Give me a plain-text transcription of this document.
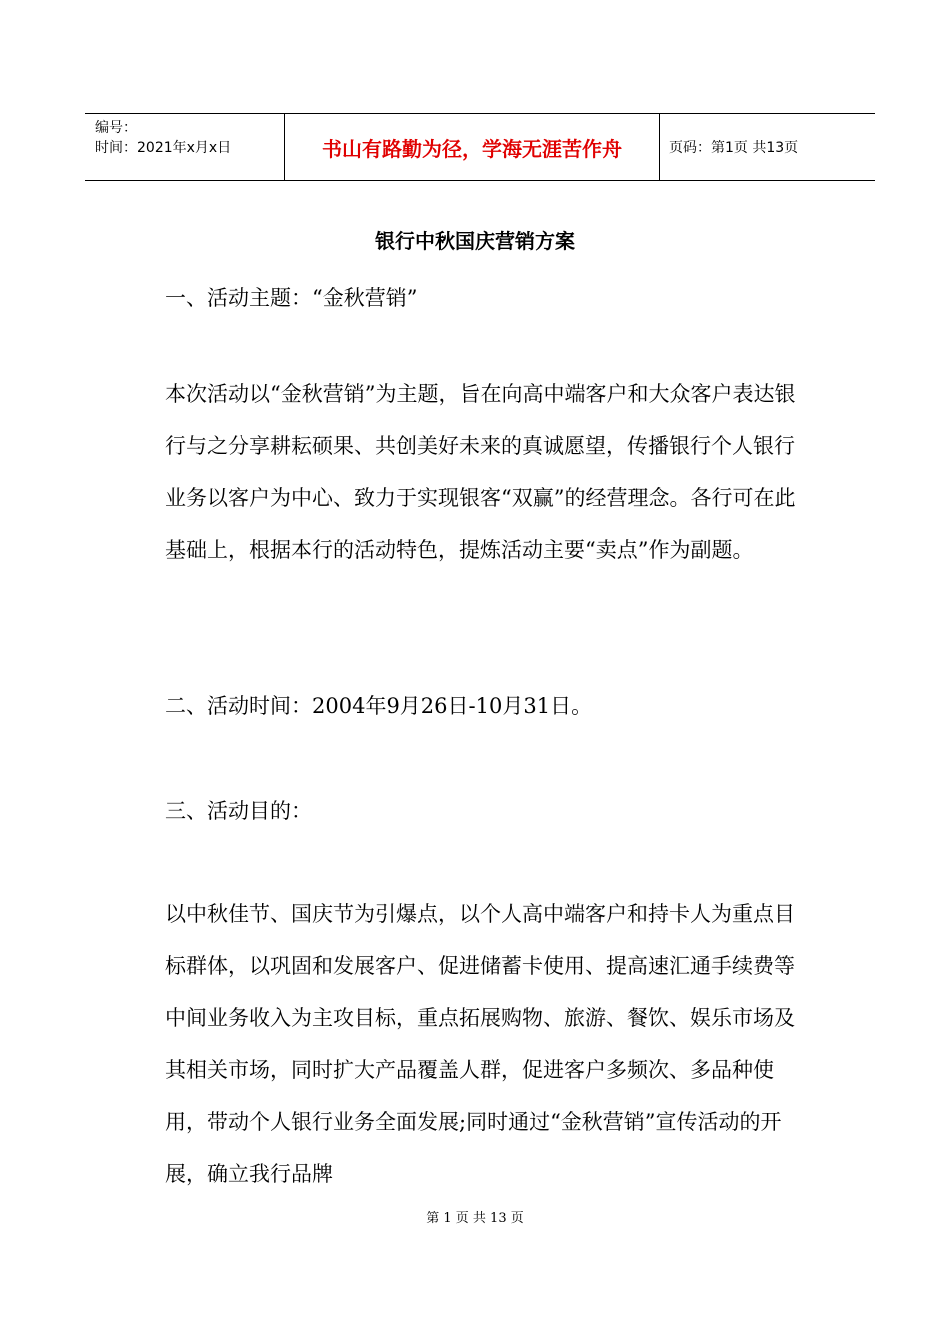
编号：
时间：2021年x月x日	书山有路勤为径，学海无涯苦作舟	页码：第1页 共13页
银行中秋国庆营销方案

一、活动主题：“金秋营销”

本次活动以“金秋营销”为主题，旨在向高中端客户和大众客户表达银行与之分享耕耘硕果、共创美好未来的真诚愿望，传播银行个人银行业务以客户为中心、致力于实现银客“双赢”的经营理念。各行可在此基础上，根据本行的活动特色，提炼活动主要“卖点”作为副题。

二、活动时间：2004年9月26日-10月31日。

三、活动目的：

以中秋佳节、国庆节为引爆点，以个人高中端客户和持卡人为重点目标群体，以巩固和发展客户、促进储蓄卡使用、提高速汇通手续费等中间业务收入为主攻目标，重点拓展购物、旅游、餐饮、娱乐市场及其相关市场，同时扩大产品覆盖人群，促进客户多频次、多品种使用，带动个人银行业务全面发展;同时通过“金秋营销”宣传活动的开展，确立我行品牌

第 1 页 共 13 页
